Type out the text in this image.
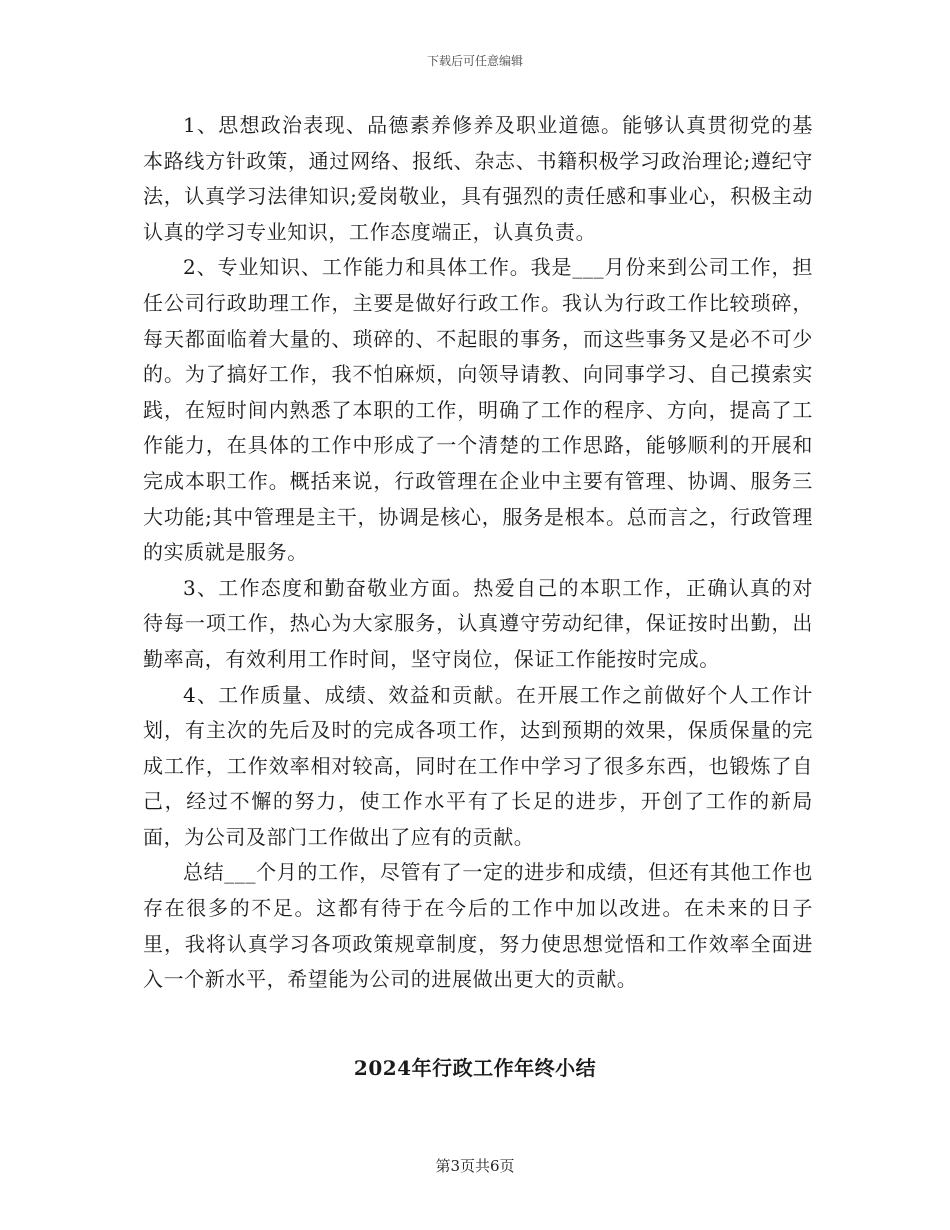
下载后可任意编辑

1、思想政治表现、品德素养修养及职业道德。能够认真贯彻党的基本路线方针政策，通过网络、报纸、杂志、书籍积极学习政治理论;遵纪守法，认真学习法律知识;爱岗敬业，具有强烈的责任感和事业心，积极主动认真的学习专业知识，工作态度端正，认真负责。

2、专业知识、工作能力和具体工作。我是___月份来到公司工作，担任公司行政助理工作，主要是做好行政工作。我认为行政工作比较琐碎，每天都面临着大量的、琐碎的、不起眼的事务，而这些事务又是必不可少的。为了搞好工作，我不怕麻烦，向领导请教、向同事学习、自己摸索实践，在短时间内熟悉了本职的工作，明确了工作的程序、方向，提高了工作能力，在具体的工作中形成了一个清楚的工作思路，能够顺利的开展和完成本职工作。概括来说，行政管理在企业中主要有管理、协调、服务三大功能;其中管理是主干，协调是核心，服务是根本。总而言之，行政管理的实质就是服务。

3、工作态度和勤奋敬业方面。热爱自己的本职工作，正确认真的对待每一项工作，热心为大家服务，认真遵守劳动纪律，保证按时出勤，出勤率高，有效利用工作时间，坚守岗位，保证工作能按时完成。

4、工作质量、成绩、效益和贡献。在开展工作之前做好个人工作计划，有主次的先后及时的完成各项工作，达到预期的效果，保质保量的完成工作，工作效率相对较高，同时在工作中学习了很多东西，也锻炼了自己，经过不懈的努力，使工作水平有了长足的进步，开创了工作的新局面，为公司及部门工作做出了应有的贡献。

总结___个月的工作，尽管有了一定的进步和成绩，但还有其他工作也存在很多的不足。这都有待于在今后的工作中加以改进。在未来的日子里，我将认真学习各项政策规章制度，努力使思想觉悟和工作效率全面进入一个新水平，希望能为公司的进展做出更大的贡献。

2024年行政工作年终小结
第3页共6页
